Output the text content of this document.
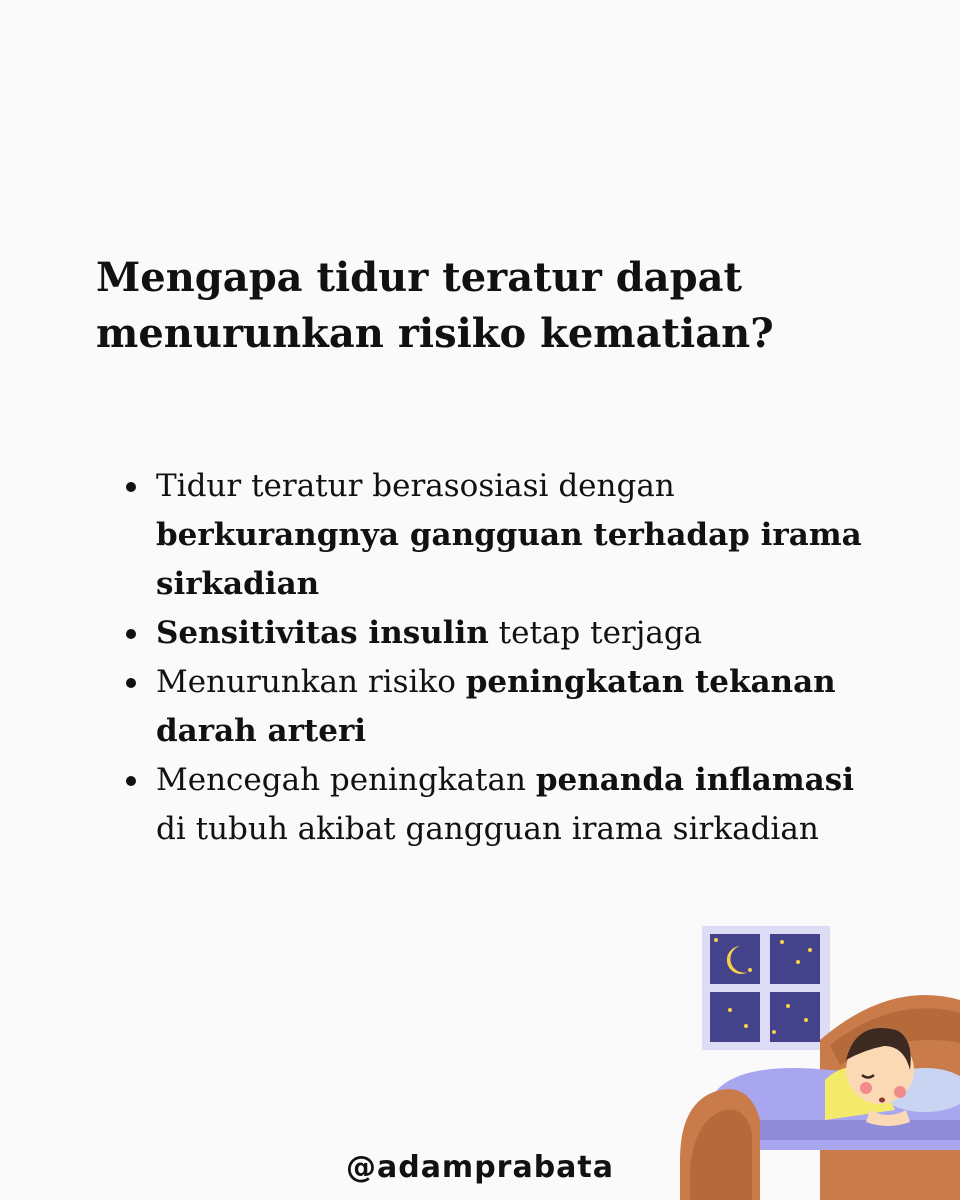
Mengapa tidur teratur dapat
menurunkan risiko kematian?
Tidur teratur berasosiasi dengan berkurangnya gangguan terhadap irama sirkadian
Sensitivitas insulin tetap terjaga
Menurunkan risiko peningkatan tekanan darah arteri
Mencegah peningkatan penanda inflamasi di tubuh akibat gangguan irama sirkadian
@adamprabata
